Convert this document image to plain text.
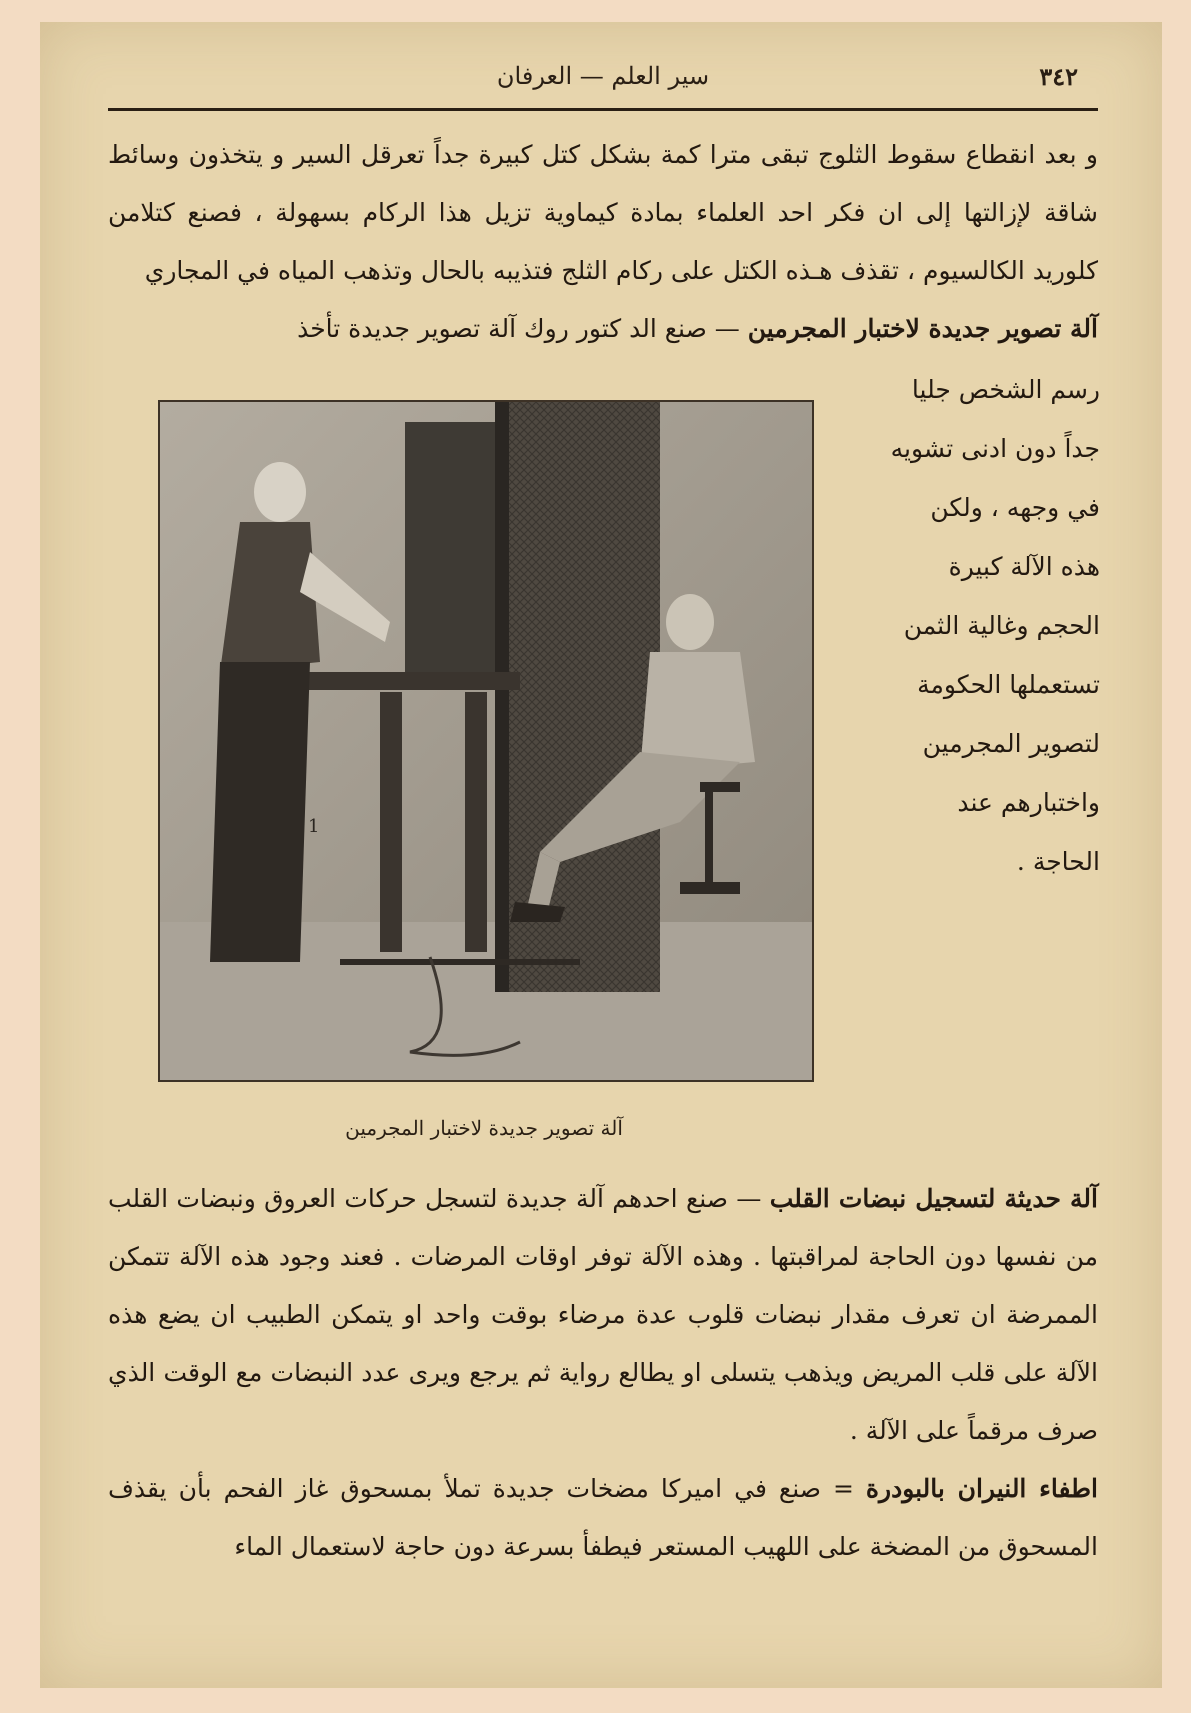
٣٤٢
سير العلم — العرفان
و بعد انقطاع سقوط الثلوج تبقى مترا كمة بشكل كتل كبيرة جداً تعرقل السير و يتخذون وسائط شاقة لإزالتها إلى ان فكر احد العلماء بمادة كيماوية تزيل هذا الركام بسهولة ، فصنع كتلامن كلوريد الكالسيوم ، تقذف هـذه الكتل على ركام الثلج فتذيبه بالحال وتذهب المياه في المجاري
آلة تصوير جديدة لاختبار المجرمين — صنع الد كتور روك آلة تصوير جديدة تأخذ
رسم الشخص جليا
جداً دون ادنى تشويه
في وجهه ، ولكن
هذه الآلة كبيرة
الحجم وغالية الثمن
تستعملها الحكومة
لتصوير المجرمين
واختبارهم عند
الحاجة .
1
آلة تصوير جديدة لاختبار المجرمين
آلة حديثة لتسجيل نبضات القلب — صنع احدهم آلة جديدة لتسجل حركات العروق ونبضات القلب من نفسها دون الحاجة لمراقبتها . وهذه الآلة توفر اوقات المرضات . فعند وجود هذه الآلة تتمكن الممرضة ان تعرف مقدار نبضات قلوب عدة مرضاء بوقت واحد او يتمكن الطبيب ان يضع هذه الآلة على قلب المريض ويذهب يتسلى او يطالع رواية ثم يرجع ويرى عدد النبضات مع الوقت الذي صرف مرقماً على الآلة .
اطفاء النيران بالبودرة = صنع في اميركا مضخات جديدة تملأ بمسحوق غاز الفحم بأن يقذف المسحوق من المضخة على اللهيب المستعر فيطفأ بسرعة دون حاجة لاستعمال الماء
